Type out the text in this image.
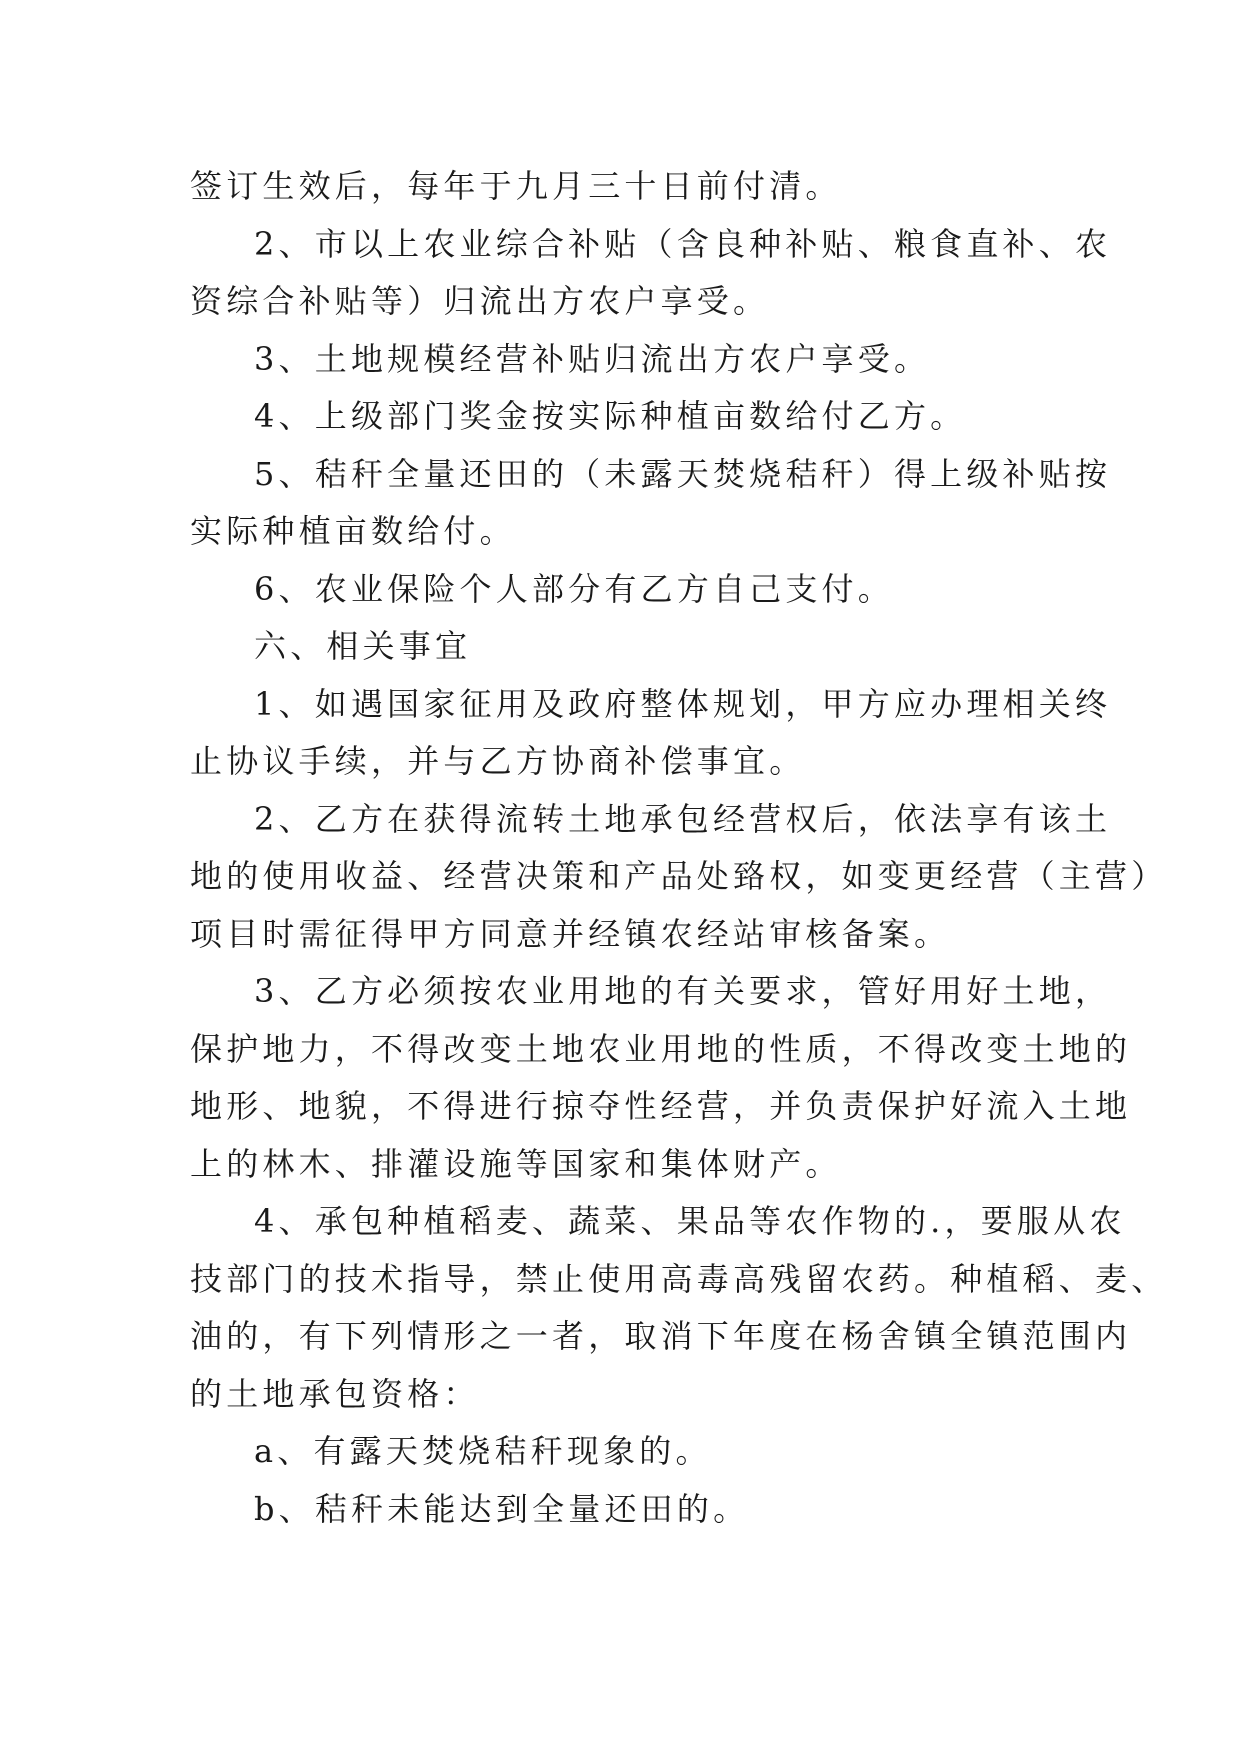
签订生效后，每年于九月三十日前付清。
2、市以上农业综合补贴（含良种补贴、粮食直补、农
资综合补贴等）归流出方农户享受。
3、土地规模经营补贴归流出方农户享受。
4、上级部门奖金按实际种植亩数给付乙方。
5、秸秆全量还田的（未露天焚烧秸秆）得上级补贴按
实际种植亩数给付。
6、农业保险个人部分有乙方自己支付。
六、相关事宜
1、如遇国家征用及政府整体规划，甲方应办理相关终
止协议手续，并与乙方协商补偿事宜。
2、乙方在获得流转土地承包经营权后，依法享有该土
地的使用收益、经营决策和产品处臵权，如变更经营（主营）
项目时需征得甲方同意并经镇农经站审核备案。
3、乙方必须按农业用地的有关要求，管好用好土地，
保护地力，不得改变土地农业用地的性质，不得改变土地的
地形、地貌，不得进行掠夺性经营，并负责保护好流入土地
上的林木、排灌设施等国家和集体财产。
4、承包种植稻麦、蔬菜、果品等农作物的.，要服从农
技部门的技术指导，禁止使用高毒高残留农药。种植稻、麦、
油的，有下列情形之一者，取消下年度在杨舍镇全镇范围内
的土地承包资格：
a、有露天焚烧秸秆现象的。
b、秸秆未能达到全量还田的。
